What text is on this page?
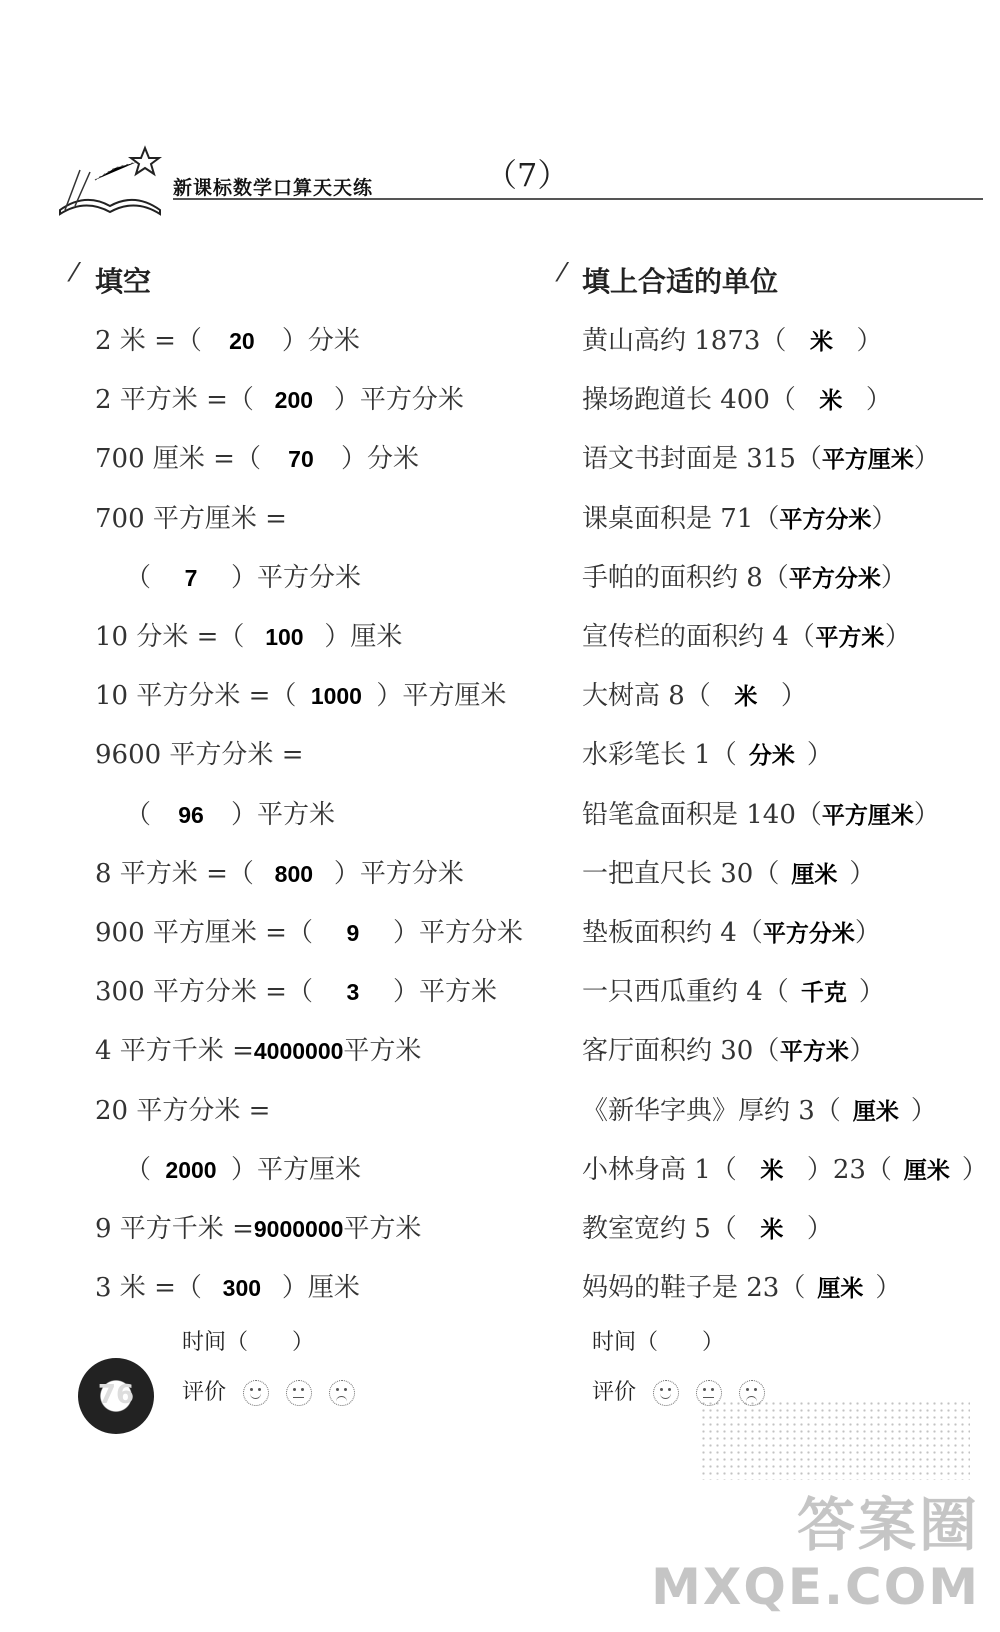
新课标数学口算天天练	（7）
⁄ 填空
2 米 =（ 20 ）分米
2 平方米 =（ 200 ）平方分米
700 厘米 =（ 70 ）分米
700 平方厘米 =
（ 7 ）平方分米
10 分米 =（ 100 ）厘米
10 平方分米 =（ 1000 ）平方厘米
9600 平方分米 =
（ 96 ）平方米
8 平方米 =（ 800 ）平方分米
900 平方厘米 =（ 9 ）平方分米
300 平方分米 =（ 3 ）平方米
4 平方千米 =4000000平方米
20 平方分米 =
（ 2000 ）平方厘米
9 平方千米 =9000000平方米
3 米 =（ 300 ）厘米
⁄ 填上合适的单位
黄山高约 1873（ 米 ）
操场跑道长 400（ 米 ）
语文书封面是 315（平方厘米）
课桌面积是 71（平方分米）
手帕的面积约 8（平方分米）
宣传栏的面积约 4（平方米）
大树高 8（ 米 ）
水彩笔长 1（ 分米 ）
铅笔盒面积是 140（平方厘米）
一把直尺长 30（ 厘米 ）
垫板面积约 4（平方分米）
一只西瓜重约 4（ 千克 ）
客厅面积约 30（平方米）
《新华字典》厚约 3（ 厘米 ）
小林身高 1（ 米 ）23（ 厘米 ）
教室宽约 5（ 米 ）
妈妈的鞋子是 23（ 厘米 ）
时间（　　）
评价
时间（　　）
评价
76
答案圈
MXQE.COM
